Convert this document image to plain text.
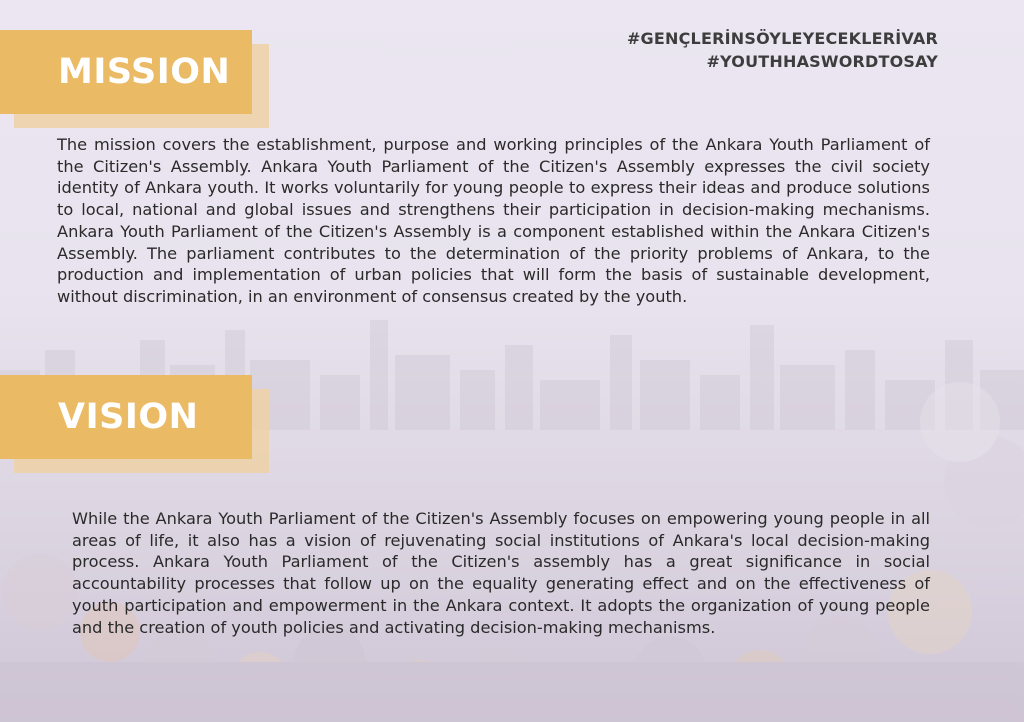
#GENÇLERİNSÖYLEYECEKLERİVAR
#YOUTHHASWORDTOSAY
MISSION
The mission covers the establishment, purpose and working principles of the Ankara Youth Parliament of the Citizen's Assembly. Ankara Youth Parliament of the Citizen's Assembly expresses the civil society identity of Ankara youth. It works voluntarily for young people to express their ideas and produce solutions to local, national and global issues and strengthens their participation in decision-making mechanisms. Ankara Youth Parliament of the Citizen's Assembly is a component established within the Ankara Citizen's Assembly. The parliament contributes to the determination of the priority problems of Ankara, to the production and implementation of urban policies that will form the basis of sustainable development, without discrimination, in an environment of consensus created by the youth.
VISION
While the Ankara Youth Parliament of the Citizen's Assembly focuses on empowering young people in all areas of life, it also has a vision of rejuvenating social institutions of Ankara's local decision-making process. Ankara Youth Parliament of the Citizen's assembly has a great significance in social accountability processes that follow up on the equality generating effect and on the effectiveness of youth participation and empowerment in the Ankara context. It adopts the organization of young people and the creation of youth policies and activating decision-making mechanisms.
